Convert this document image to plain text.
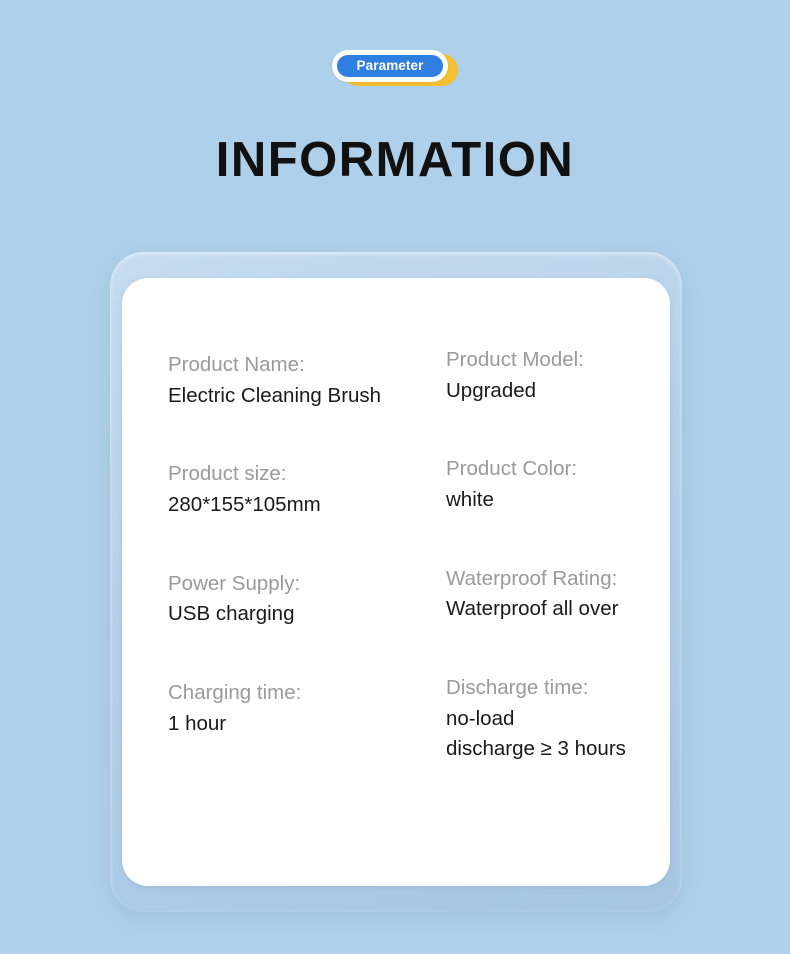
Parameter
INFORMATION
Product Name:
Electric Cleaning Brush
Product Model:
Upgraded
Product size:
280*155*105mm
Product Color:
white
Power Supply:
USB charging
Waterproof Rating:
Waterproof all over
Charging time:
1 hour
Discharge time:
no-load
discharge ≥ 3 hours
